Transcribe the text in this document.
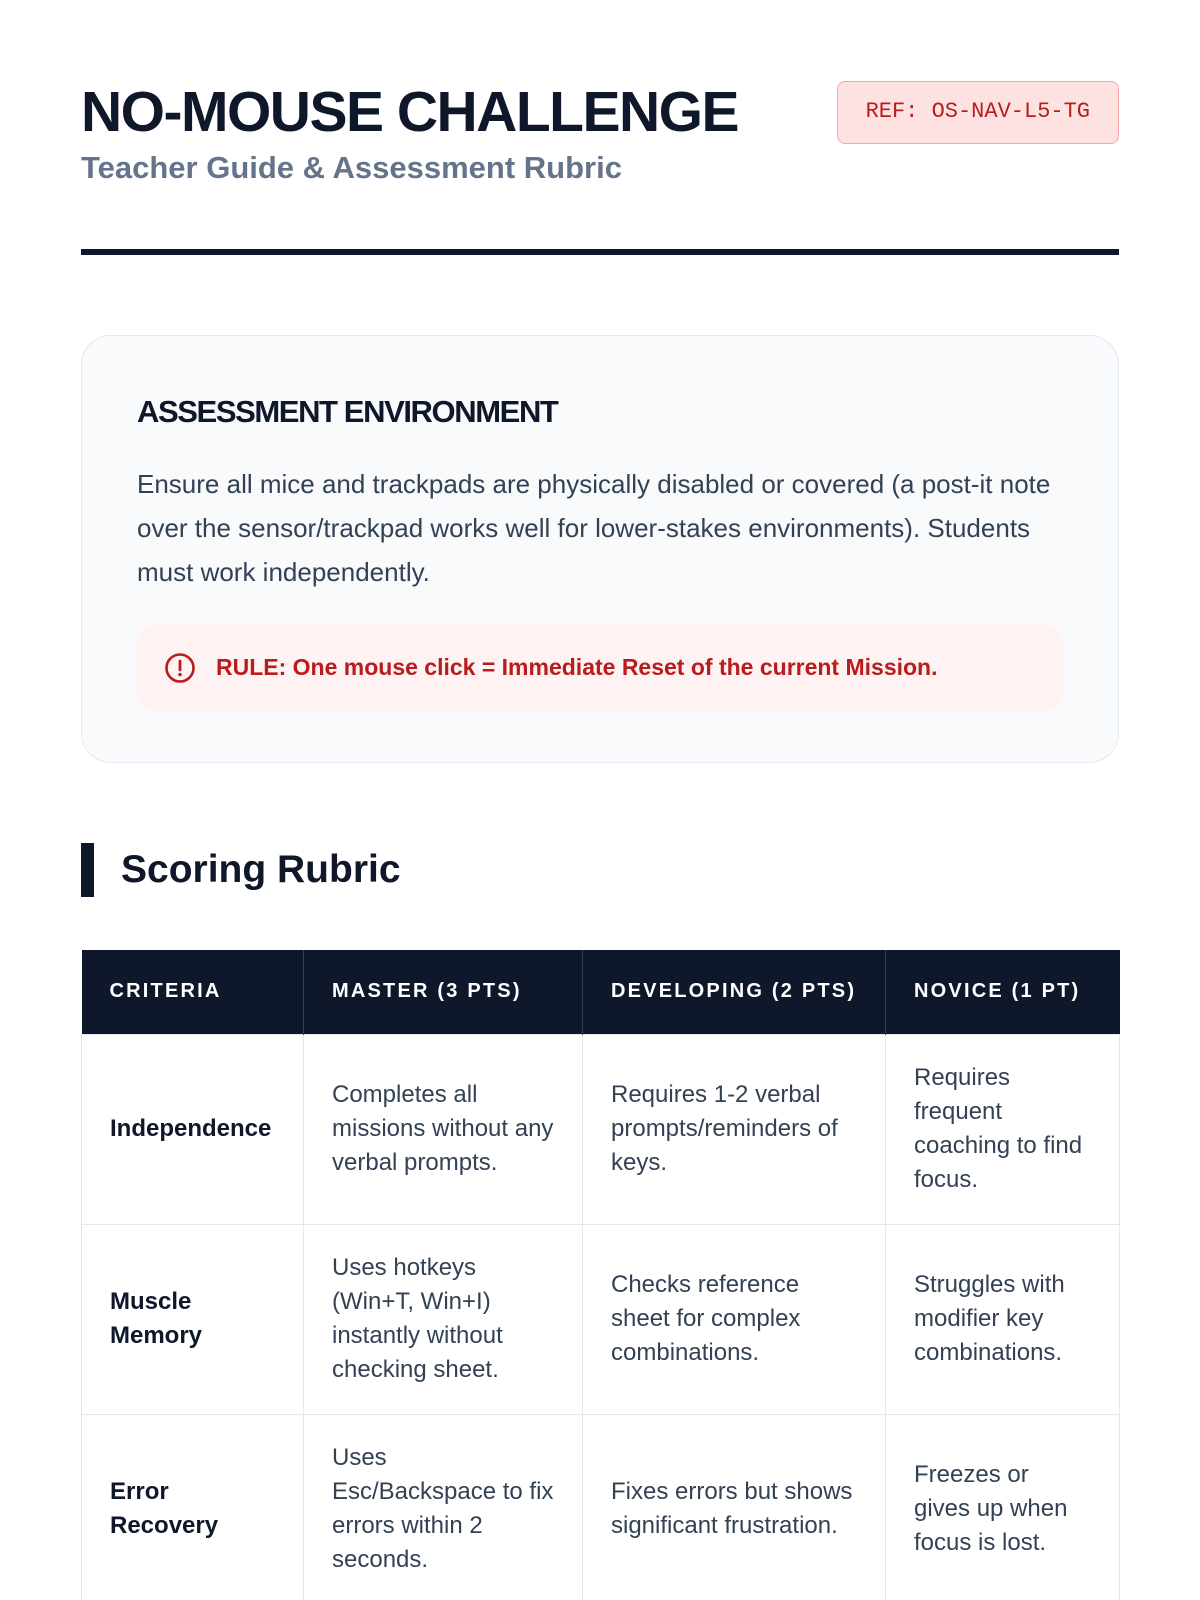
NO-MOUSE CHALLENGE
Teacher Guide & Assessment Rubric
REF: OS-NAV-L5-TG
ASSESSMENT ENVIRONMENT

Ensure all mice and trackpads are physically disabled or covered (a post-it note over the sensor/trackpad works well for lower-stakes environments). Students must work independently.

RULE: One mouse click = Immediate Reset of the current Mission.
Scoring Rubric
CRITERIA	MASTER (3 PTS)	DEVELOPING (2 PTS)	NOVICE (1 PT)
Independence	Completes all missions without any verbal prompts.	Requires 1-2 verbal prompts/reminders of keys.	Requires frequent coaching to find focus.
Muscle Memory	Uses hotkeys (Win+T, Win+I) instantly without checking sheet.	Checks reference sheet for complex combinations.	Struggles with modifier key combinations.
Error Recovery	Uses Esc/Backspace to fix errors within 2 seconds.	Fixes errors but shows significant frustration.	Freezes or gives up when focus is lost.
